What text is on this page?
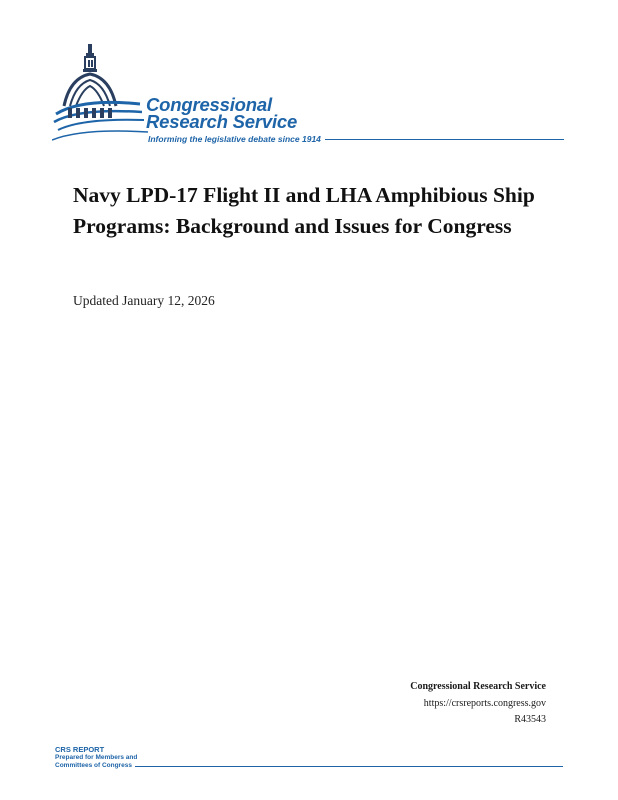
Congressional
Research Service
Informing the legislative debate since 1914
Navy LPD-17 Flight II and LHA Amphibious Ship Programs: Background and Issues for Congress
Updated January 12, 2026
Congressional Research Service
https://crsreports.congress.gov
R43543
CRS REPORT
Prepared for Members and
Committees of Congress
